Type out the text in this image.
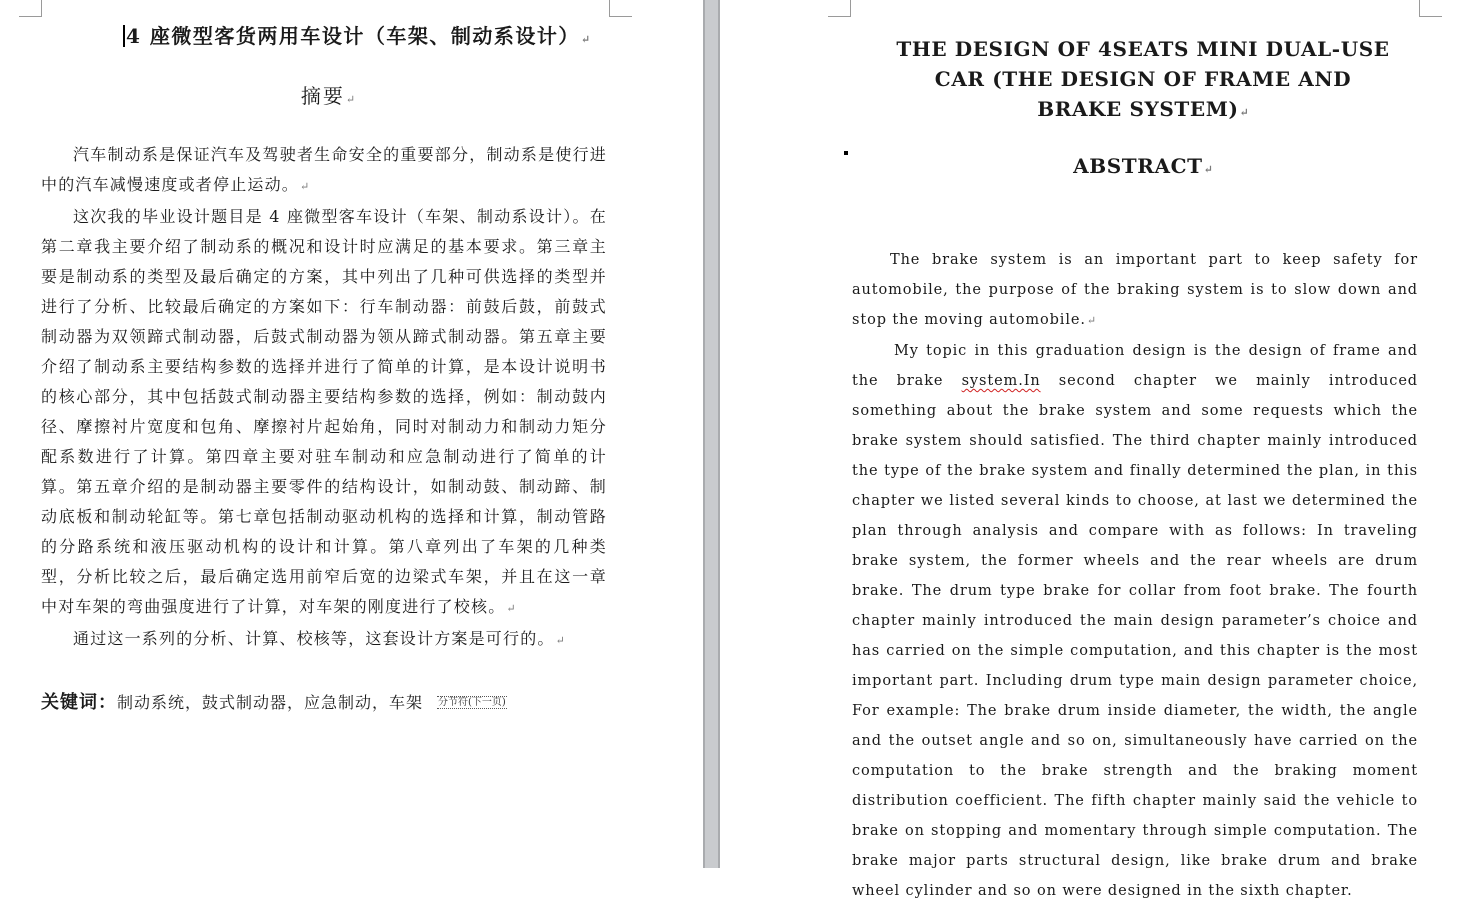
4 座微型客货两用车设计（车架、制动系设计）↵
摘要↵

汽车制动系是保证汽车及驾驶者生命安全的重要部分，制动系是使行进中的汽车减慢速度或者停止运动。↵

这次我的毕业设计题目是 4 座微型客车设计（车架、制动系设计）。在第二章我主要介绍了制动系的概况和设计时应满足的基本要求。第三章主要是制动系的类型及最后确定的方案，其中列出了几种可供选择的类型并进行了分析、比较最后确定的方案如下：行车制动器：前鼓后鼓，前鼓式制动器为双领蹄式制动器，后鼓式制动器为领从蹄式制动器。第五章主要介绍了制动系主要结构参数的选择并进行了简单的计算，是本设计说明书的核心部分，其中包括鼓式制动器主要结构参数的选择，例如：制动鼓内径、摩擦衬片宽度和包角、摩擦衬片起始角，同时对制动力和制动力矩分配系数进行了计算。第四章主要对驻车制动和应急制动进行了简单的计算。第五章介绍的是制动器主要零件的结构设计，如制动鼓、制动蹄、制动底板和制动轮缸等。第七章包括制动驱动机构的选择和计算，制动管路的分路系统和液压驱动机构的设计和计算。第八章列出了车架的几种类型，分析比较之后，最后确定选用前窄后宽的边梁式车架，并且在这一章中对车架的弯曲强度进行了计算，对车架的刚度进行了校核。↵

通过这一系列的分析、计算、校核等，这套设计方案是可行的。↵

关键词：制动系统，鼓式制动器，应急制动，车架 分节符(下一页)
THE DESIGN OF 4SEATS MINI DUAL-USE
CAR (THE DESIGN OF FRAME AND
BRAKE SYSTEM)↵
ABSTRACT↵

The brake system is an important part to keep safety for automobile, the purpose of the braking system is to slow down and stop the moving automobile.↵

My topic in this graduation design is the design of frame and the brake system.In second chapter we mainly introduced something about the brake system and some requests which the brake system should satisfied. The third chapter mainly introduced the type of the brake system and finally determined the plan, in this chapter we listed several kinds to choose, at last we determined the plan through analysis and compare with as follows: In traveling brake system, the former wheels and the rear wheels are drum brake. The drum type brake for collar from foot brake. The fourth chapter mainly introduced the main design parameter’s choice and has carried on the simple computation, and this chapter is the most important part. Including drum type main design parameter choice, For example: The brake drum inside diameter, the width, the angle and the outset angle and so on, simultaneously have carried on the computation to the brake strength and the braking moment distribution coefficient. The fifth chapter mainly said the vehicle to brake on stopping and momentary through simple computation. The brake major parts structural design, like brake drum and brake wheel cylinder and so on were designed in the sixth chapter.
